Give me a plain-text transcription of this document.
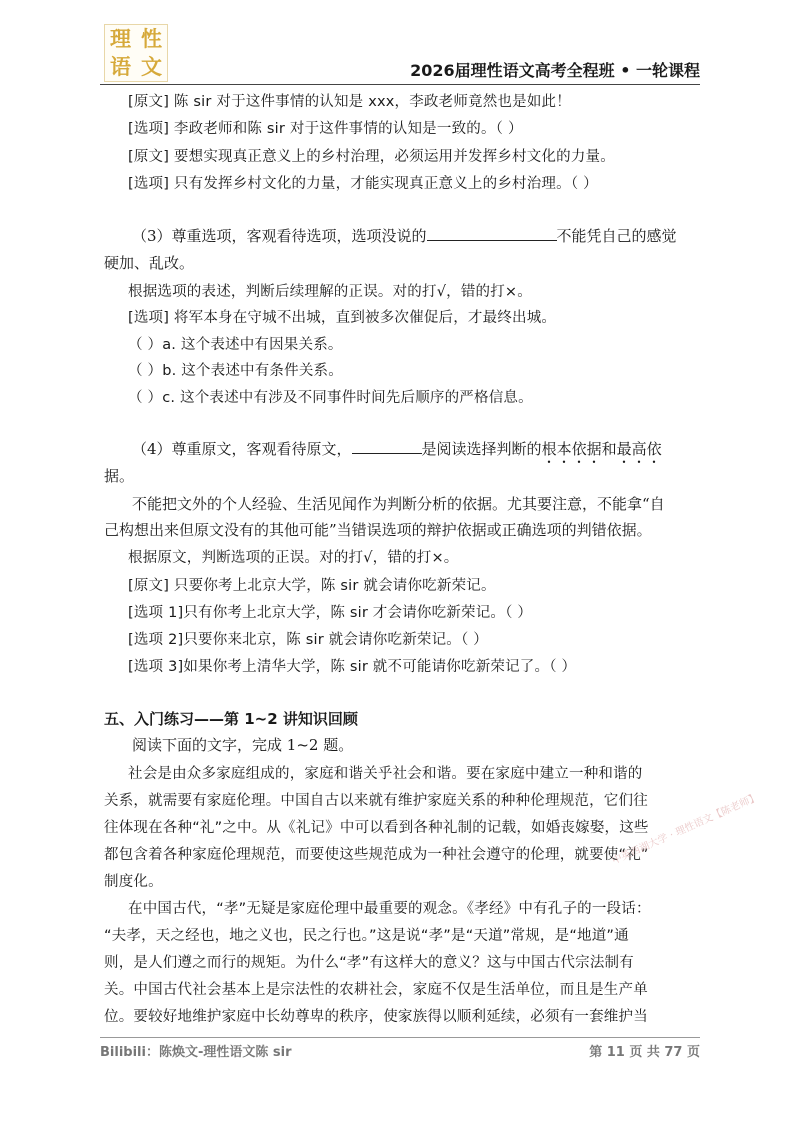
理 性
语 文	2026届理性语文高考全程班 • 一轮课程
[原文] 陈 sir 对于这件事情的认知是 xxx，李政老师竟然也是如此！
[选项] 李政老师和陈 sir 对于这件事情的认知是一致的。（ ）
[原文] 要想实现真正意义上的乡村治理，必须运用并发挥乡村文化的力量。
[选项] 只有发挥乡村文化的力量，才能实现真正意义上的乡村治理。（ ）
（3）尊重选项，客观看待选项，选项没说的	不能凭自己的感觉
硬加、乱改。
根据选项的表述，判断后续理解的正误。对的打√，错的打×。
[选项] 将军本身在守城不出城，直到被多次催促后，才最终出城。
（ ）a. 这个表述中有因果关系。
（ ）b. 这个表述中有条件关系。
（ ）c. 这个表述中有涉及不同事件时间先后顺序的严格信息。
（4）尊重原文，客观看待原文，	是阅读选择判断的根本依据和最高依
据。
不能把文外的个人经验、生活见闻作为判断分析的依据。尤其要注意，不能拿“自
己构想出来但原文没有的其他可能”当错误选项的辩护依据或正确选项的判错依据。
根据原文，判断选项的正误。对的打√，错的打×。
[原文] 只要你考上北京大学，陈 sir 就会请你吃新荣记。
[选项 1]只有你考上北京大学，陈 sir 才会请你吃新荣记。（ ）
[选项 2]只要你来北京，陈 sir 就会请你吃新荣记。（ ）
[选项 3]如果你考上清华大学，陈 sir 就不可能请你吃新荣记了。（ ）
五、入门练习——第 1~2 讲知识回顾
阅读下面的文字，完成 1~2 题。
社会是由众多家庭组成的，家庭和谐关乎社会和谐。要在家庭中建立一种和谐的
关系，就需要有家庭伦理。中国自古以来就有维护家庭关系的种种伦理规范，它们往
往体现在各种“礼”之中。从《礼记》中可以看到各种礼制的记载，如婚丧嫁娶，这些
都包含着各种家庭伦理规范，而要使这些规范成为一种社会遵守的伦理，就要使“礼”
制度化。
在中国古代，“孝”无疑是家庭伦理中最重要的观念。《孝经》中有孔子的一段话：
“夫孝，天之经也，地之义也，民之行也。”这是说“孝”是“天道”常规，是“地道”通
则，是人们遵之而行的规矩。为什么“孝”有这样大的意义？这与中国古代宗法制有
关。中国古代社会基本上是宗法性的农耕社会，家庭不仅是生活单位，而且是生产单
位。要较好地维护家庭中长幼尊卑的秩序，使家族得以顺利延续，必须有一套维护当
中英西湖大学 · 理性语文【陈老师】
Bilibili：陈焕文-理性语文陈 sir	第 11 页 共 77 页
